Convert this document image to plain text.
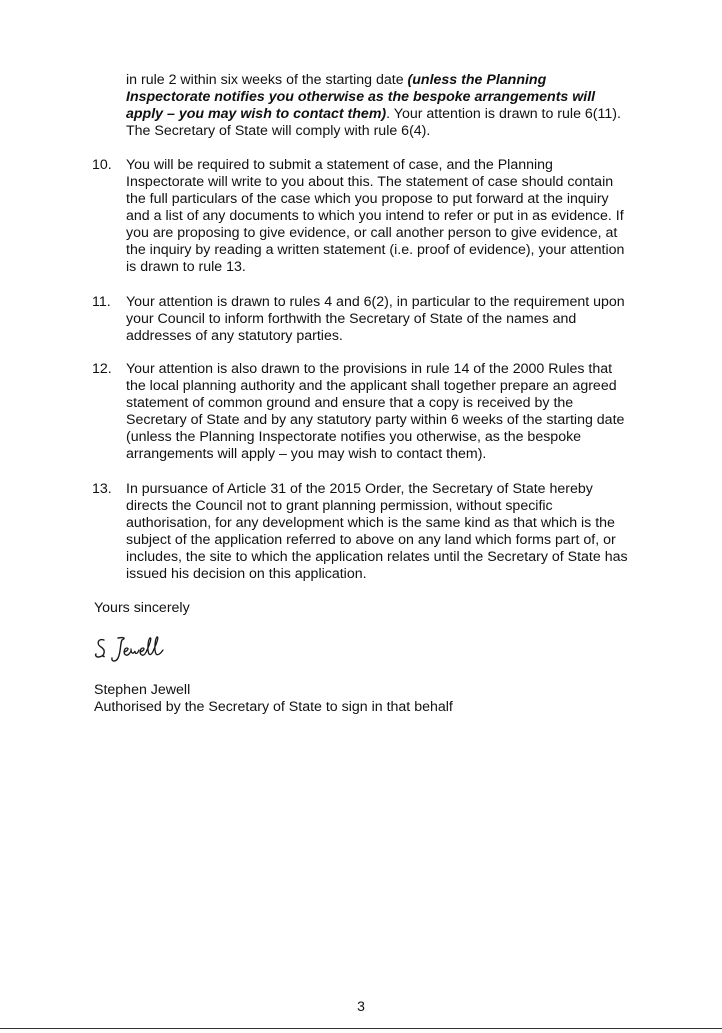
in rule 2 within six weeks of the starting date (unless the Planning Inspectorate notifies you otherwise as the bespoke arrangements will apply – you may wish to contact them). Your attention is drawn to rule 6(11). The Secretary of State will comply with rule 6(4).

10.	You will be required to submit a statement of case, and the Planning Inspectorate will write to you about this. The statement of case should contain the full particulars of the case which you propose to put forward at the inquiry and a list of any documents to which you intend to refer or put in as evidence. If you are proposing to give evidence, or call another person to give evidence, at the inquiry by reading a written statement (i.e. proof of evidence), your attention is drawn to rule 13.
11.	Your attention is drawn to rules 4 and 6(2), in particular to the requirement upon your Council to inform forthwith the Secretary of State of the names and addresses of any statutory parties.
12.	Your attention is also drawn to the provisions in rule 14 of the 2000 Rules that the local planning authority and the applicant shall together prepare an agreed statement of common ground and ensure that a copy is received by the Secretary of State and by any statutory party within 6 weeks of the starting date (unless the Planning Inspectorate notifies you otherwise, as the bespoke arrangements will apply – you may wish to contact them).
13.	In pursuance of Article 31 of the 2015 Order, the Secretary of State hereby directs the Council not to grant planning permission, without specific authorisation, for any development which is the same kind as that which is the subject of the application referred to above on any land which forms part of, or includes, the site to which the application relates until the Secretary of State has issued his decision on this application.
Yours sincerely
Stephen Jewell
Authorised by the Secretary of State to sign in that behalf
3
